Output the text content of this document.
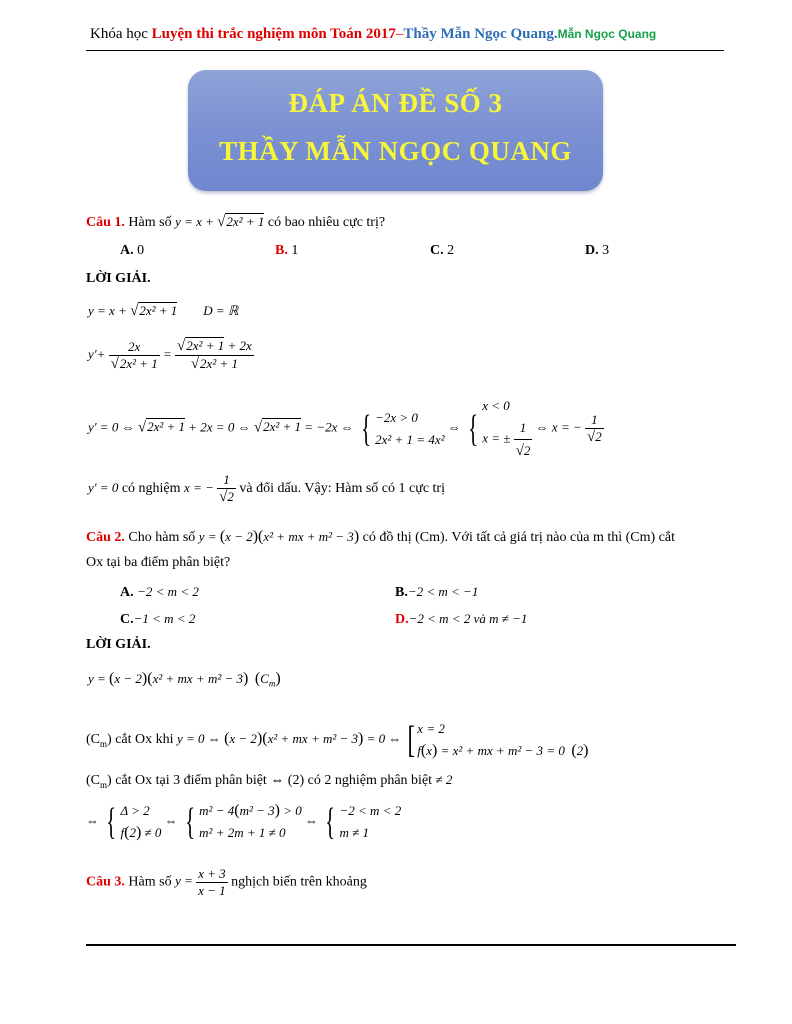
Khóa học Luyện thi trắc nghiệm môn Toán 2017–Thầy Mẫn Ngọc Quang.Mẫn Ngọc Quang
ĐÁP ÁN ĐỀ SỐ 3
THẦY MẪN NGỌC QUANG
Câu 1. Hàm số y = x + √2x² + 1 có bao nhiêu cực trị?
A. 0	B. 1	C. 2	D. 3
LỜI GIẢI.
y = x + √2x² + 1        D = ℝ
$y'+ \frac{2x}{\text{√2x² + 1}} = \frac{\text{√2x² + 1 + 2x}}{\text{√2x² + 1}}$
y' = 0 ⇔ √2x² + 1 + 2x = 0 ⇔ √2x² + 1 = −2x ⇔ { −2x > 0
2x² + 1 = 4x² ⇔ {x < 0
x = ± $\frac{1}{√2}$ ⇔ x = − $\frac{1}{√2}$
y' = 0 có nghiệm x = − $\frac{1}{√2}$ và đổi dấu. Vậy: Hàm số có 1 cực trị
Câu 2. Cho hàm số y = (x − 2)(x² + mx + m² − 3) có đồ thị (Cm). Với tất cả giá trị nào của m thì (Cm) cắt
Ox tại ba điểm phân biệt?
A. −2 < m < 2	B.−2 < m < −1
C.−1 < m < 2	D.−2 < m < 2 và m ≠ −1
LỜI GIẢI.
y = (x − 2)(x² + mx + m² − 3) $(C_m)$
$(C_m)$ cắt Ox khi y = 0 ⇔ (x − 2)(x² + mx + m² − 3) = 0 ⇔ [ x = 2
f(x) = x² + mx + m² − 3 = 0  (2)
$(C_m)$ cắt Ox tại 3 điểm phân biệt ⇔ (2) có 2 nghiệm phân biệt ≠ 2
⇔ { Δ > 2
f(2) ≠ 0 ⇔ { m² − 4(m² − 3) > 0
m² + 2m + 1 ≠ 0 ⇔ { −2 < m < 2
m ≠ 1
Câu 3. Hàm số $y = \frac{x + 3}{x - 1}$ nghịch biến trên khoảng
